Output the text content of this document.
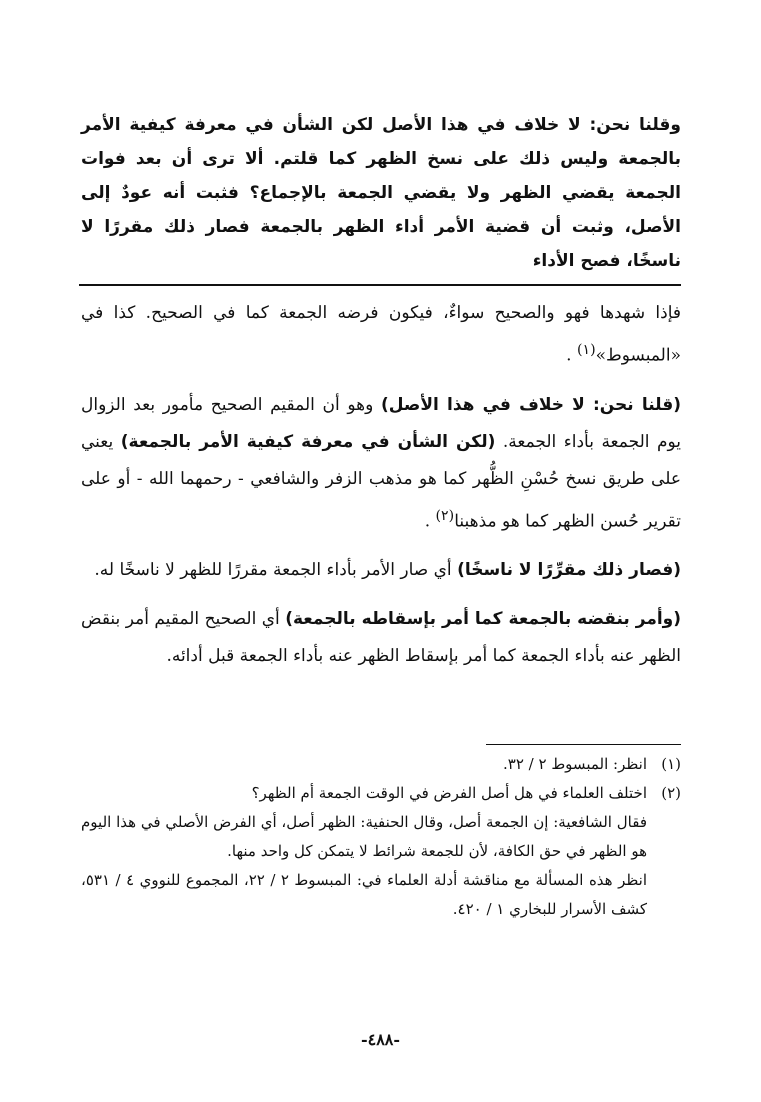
وقلنا نحن: لا خلاف في هذا الأصل لكن الشأن في معرفة كيفية الأمر بالجمعة وليس ذلك على نسخ الظهر كما قلتم. ألا ترى أن بعد فوات الجمعة يقضي الظهر ولا يقضي الجمعة بالإجماع؟ فثبت أنه عودٌ إلى الأصل، وثبت أن قضية الأمر أداء الظهر بالجمعة فصار ذلك مقررًا لا ناسخًا، فصح الأداء

فإذا شهدها فهو والصحيح سواءٌ، فيكون فرضه الجمعة كما في الصحيح. كذا في «المبسوط»$^{(١)}$ .

(قلنا نحن: لا خلاف في هذا الأصل) وهو أن المقيم الصحيح مأمور بعد الزوال يوم الجمعة بأداء الجمعة. (لكن الشأن في معرفة كيفية الأمر بالجمعة) يعني على طريق نسخ حُسْنِ الظُّهر كما هو مذهب الزفر والشافعي - رحمهما الله - أو على تقرير حُسن الظهر كما هو مذهبنا$^{(٢)}$ .

(فصار ذلك مقرِّرًا لا ناسخًا) أي صار الأمر بأداء الجمعة مقررًا للظهر لا ناسخًا له.

(وأمر بنقضه بالجمعة كما أمر بإسقاطه بالجمعة) أي الصحيح المقيم أمر بنقض الظهر عنه بأداء الجمعة كما أمر بإسقاط الظهر عنه بأداء الجمعة قبل أدائه.

(١)
انظر: المبسوط ٢ / ٣٢.
(٢)
اختلف العلماء في هل أصل الفرض في الوقت الجمعة أم الظهر؟
فقال الشافعية: إن الجمعة أصل، وقال الحنفية: الظهر أصل، أي الفرض الأصلي في هذا اليوم هو الظهر في حق الكافة، لأن للجمعة شرائط لا يتمكن كل واحد منها.
انظر هذه المسألة مع مناقشة أدلة العلماء في: المبسوط ٢ / ٢٢، المجموع للنووي ٤ / ٥٣١، كشف الأسرار للبخاري ١ / ٤٢٠.
-٤٨٨-
